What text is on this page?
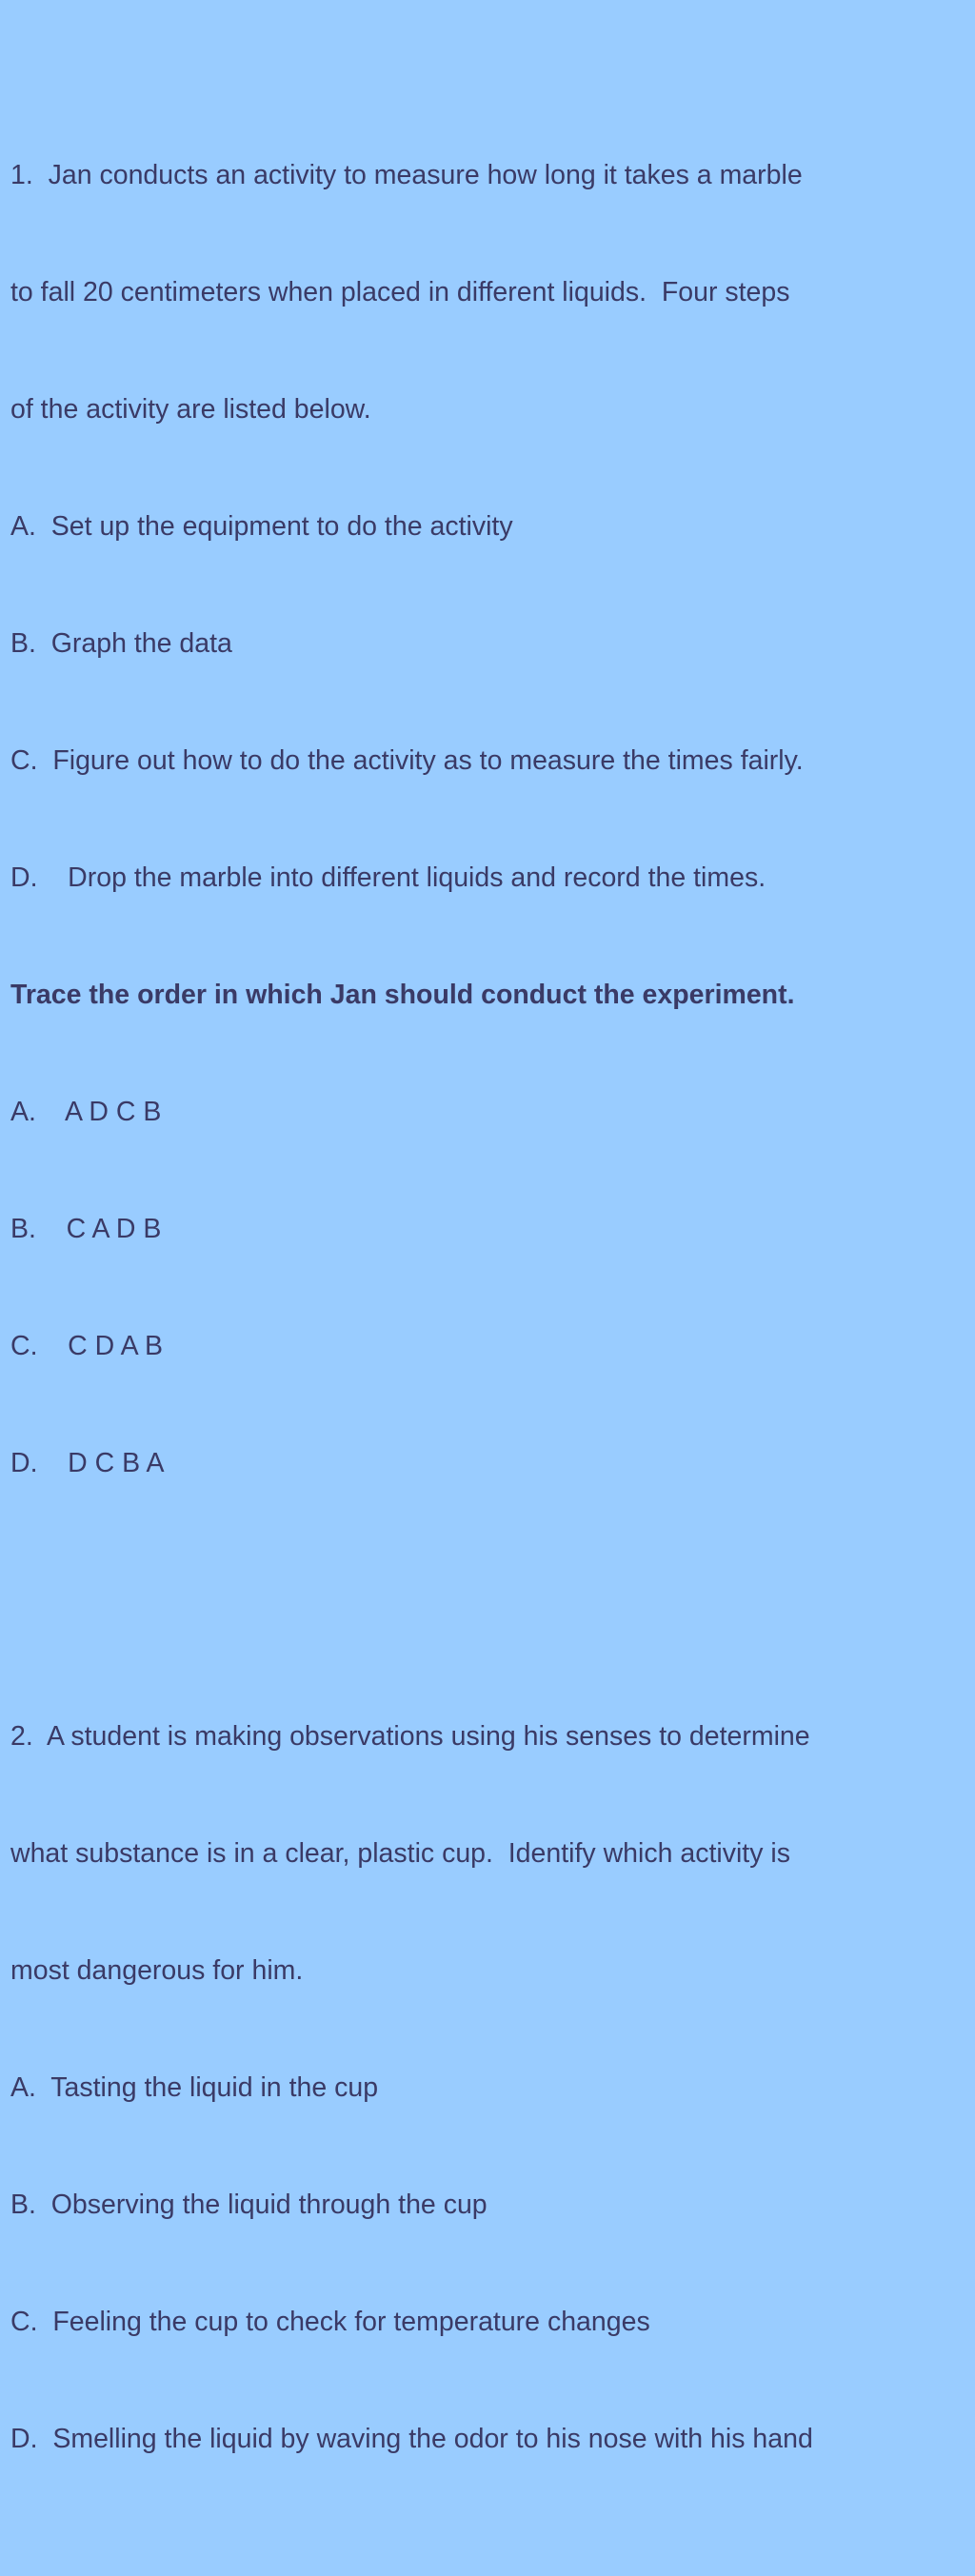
1.  Jan conducts an activity to measure how long it takes a marble

to fall 20 centimeters when placed in different liquids.  Four steps

of the activity are listed below.

A.  Set up the equipment to do the activity

B.  Graph the data

C.  Figure out how to do the activity as to measure the times fairly.

D.    Drop the marble into different liquids and record the times.

Trace the order in which Jan should conduct the experiment.

A.    A D C B

B.    C A D B

C.    C D A B

D.    D C B A

2.  A student is making observations using his senses to determine

what substance is in a clear, plastic cup.  Identify which activity is

most dangerous for him.

A.  Tasting the liquid in the cup

B.  Observing the liquid through the cup

C.  Feeling the cup to check for temperature changes

D.  Smelling the liquid by waving the odor to his nose with his hand
